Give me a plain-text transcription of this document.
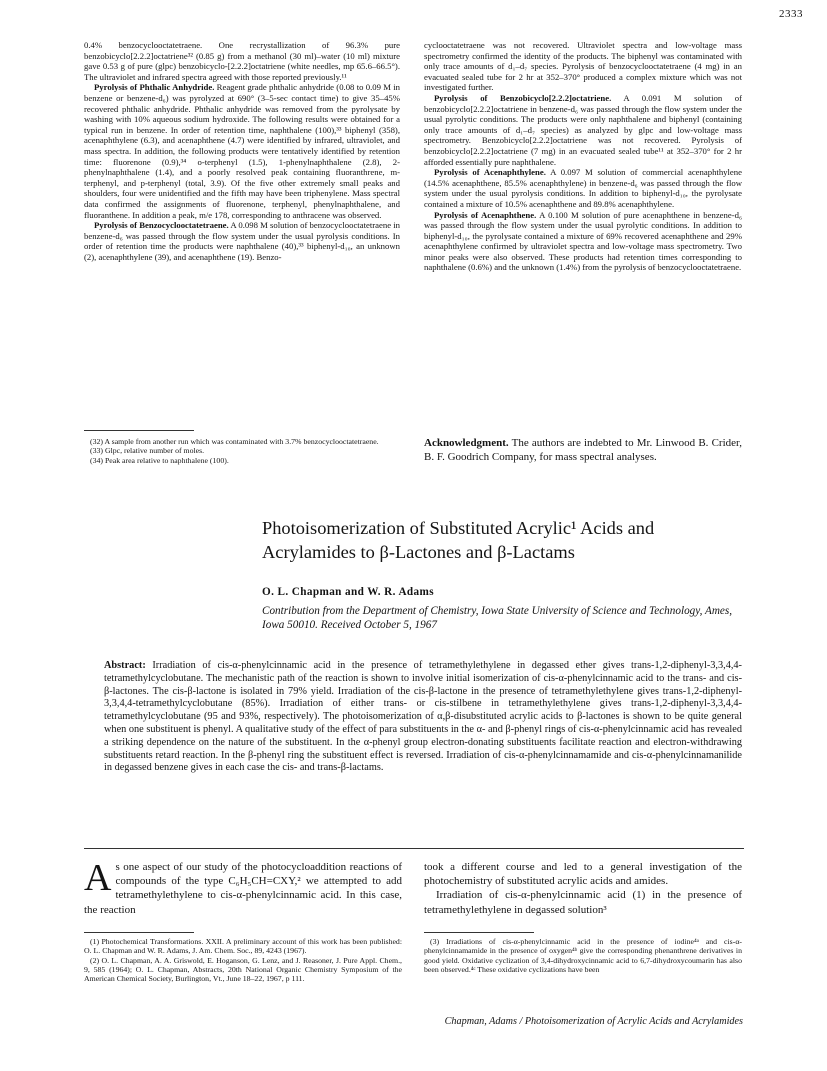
2333

0.4% benzocyclooctatetraene. One recrystallization of 96.3% pure benzobicyclo[2.2.2]octatriene³² (0.85 g) from a methanol (30 ml)–water (10 ml) mixture gave 0.53 g of pure (glpc) benzobicyclo-[2.2.2]octatriene (white needles, mp 65.6–66.5°). The ultraviolet and infrared spectra agreed with those reported previously.¹¹

Pyrolysis of Phthalic Anhydride. Reagent grade phthalic anhydride (0.08 to 0.09 M in benzene or benzene-d₆) was pyrolyzed at 690° (3–5-sec contact time) to give 35–45% recovered phthalic anhydride. Phthalic anhydride was removed from the pyrolysate by washing with 10% aqueous sodium hydroxide. The following results were obtained for a typical run in benzene. In order of retention time, naphthalene (100),³³ biphenyl (358), acenaphthylene (6.3), and acenaphthene (4.7) were identified by infrared, ultraviolet, and mass spectra. In addition, the following products were tentatively identified by retention time: fluorenone (0.9),³⁴ o-terphenyl (1.5), 1-phenylnaphthalene (2.8), 2-phenylnaphthalene (1.4), and a poorly resolved peak containing fluoranthrene, m-terphenyl, and p-terphenyl (total, 3.9). Of the five other extremely small peaks and shoulders, four were unidentified and the fifth may have been triphenylene. Mass spectral data confirmed the assignments of fluorenone, terphenyl, phenylnaphthalene, and fluoranthene. In addition a peak, m/e 178, corresponding to anthracene was observed.

Pyrolysis of Benzocyclooctatetraene. A 0.098 M solution of benzocyclooctatetraene in benzene-d₆ was passed through the flow system under the usual pyrolysis conditions. In order of retention time the products were naphthalene (40),³³ biphenyl-d₁₀, an unknown (2), acenaphthylene (39), and acenaphthene (19). Benzo-

cyclooctatetraene was not recovered. Ultraviolet spectra and low-voltage mass spectrometry confirmed the identity of the products. The biphenyl was contaminated with only trace amounts of d₁–d₇ species. Pyrolysis of benzocyclooctatetraene (4 mg) in an evacuated sealed tube for 2 hr at 352–370° produced a complex mixture which was not investigated further.

Pyrolysis of Benzobicyclo[2.2.2]octatriene. A 0.091 M solution of benzobicyclo[2.2.2]octatriene in benzene-d₆ was passed through the flow system under the usual pyrolytic conditions. The products were only naphthalene and biphenyl (containing only trace amounts of d₁–d₇ species) as analyzed by glpc and low-voltage mass spectrometry. Benzobicyclo[2.2.2]octatriene was not recovered. Pyrolysis of benzobicyclo[2.2.2]octatriene (7 mg) in an evacuated sealed tube¹¹ at 352–370° for 2 hr afforded essentially pure naphthalene.

Pyrolysis of Acenaphthylene. A 0.097 M solution of commercial acenaphthylene (14.5% acenaphthene, 85.5% acenaphthylene) in benzene-d₆ was passed through the flow system under the usual pyrolysis conditions. In addition to biphenyl-d₁₀, the pyrolysate contained a mixture of 10.5% acenaphthene and 89.8% acenaphthylene.

Pyrolysis of Acenaphthene. A 0.100 M solution of pure acenaphthene in benzene-d₆ was passed through the flow system under the usual pyrolytic conditions. In addition to biphenyl-d₁₀, the pyrolysate contained a mixture of 69% recovered acenaphthene and 29% acenaphthylene confirmed by ultraviolet spectra and low-voltage mass spectrometry. Two minor peaks were also observed. These products had retention times corresponding to naphthalene (0.6%) and the unknown (1.4%) from the pyrolysis of benzocyclooctatetraene.

(32) A sample from another run which was contaminated with 3.7% benzocyclooctatetraene.
(33) Glpc, relative number of moles.
(34) Peak area relative to naphthalene (100).
Acknowledgment. The authors are indebted to Mr. Linwood B. Crider, B. F. Goodrich Company, for mass spectral analyses.
Photoisomerization of Substituted Acrylic¹ Acids and
Acrylamides to β-Lactones and β-Lactams
O. L. Chapman and W. R. Adams
Contribution from the Department of Chemistry, Iowa State University of Science and Technology, Ames, Iowa 50010. Received October 5, 1967
Abstract: Irradiation of cis-α-phenylcinnamic acid in the presence of tetramethylethylene in degassed ether gives trans-1,2-diphenyl-3,3,4,4-tetramethylcyclobutane. The mechanistic path of the reaction is shown to involve initial isomerization of cis-α-phenylcinnamic acid to the trans- and cis-β-lactones. The cis-β-lactone is isolated in 79% yield. Irradiation of the cis-β-lactone in the presence of tetramethylethylene gives trans-1,2-diphenyl-3,3,4,4-tetramethylcyclobutane (85%). Irradiation of either trans- or cis-stilbene in tetramethylethylene gives trans-1,2-diphenyl-3,3,4,4-tetramethylcyclobutane (95 and 93%, respectively). The photoisomerization of α,β-disubstituted acrylic acids to β-lactones is shown to be quite general when one substituent is phenyl. A qualitative study of the effect of para substituents in the α- and β-phenyl rings of cis-α-phenylcinnamic acid has revealed a striking dependence on the nature of the substituent. In the α-phenyl group electron-donating substituents facilitate reaction and electron-withdrawing substituents retard reaction. In the β-phenyl ring the substituent effect is reversed. Irradiation of cis-α-phenylcinnamamide and cis-α-phenylcinnamanilide in degassed benzene gives in each case the cis- and trans-β-lactams.
As one aspect of our study of the photocycloaddition reactions of compounds of the type C₆H₅CH=CXY,² we attempted to add tetramethylethylene to cis-α-phenylcinnamic acid. In this case, the reaction

took a different course and led to a general investigation of the photochemistry of substituted acrylic acids and amides.

Irradiation of cis-α-phenylcinnamic acid (1) in the presence of tetramethylethylene in degassed solution³

(1) Photochemical Transformations. XXII. A preliminary account of this work has been published: O. L. Chapman and W. R. Adams, J. Am. Chem. Soc., 89, 4243 (1967).
(2) O. L. Chapman, A. A. Griswold, E. Hoganson, G. Lenz, and J. Reasoner, J. Pure Appl. Chem., 9, 585 (1964); O. L. Chapman, Abstracts, 20th National Organic Chemistry Symposium of the American Chemical Society, Burlington, Vt., June 18–22, 1967, p 111.
(3) Irradiations of cis-α-phenylcinnamic acid in the presence of iodine⁴ᵃ and cis-α-phenylcinnamamide in the presence of oxygen⁴ᵇ give the corresponding phenanthrene derivatives in good yield. Oxidative cyclization of 3,4-dihydroxycinnamic acid to 6,7-dihydroxycoumarin has also been observed.⁴ᶜ These oxidative cyclizations have been
Chapman, Adams / Photoisomerization of Acrylic Acids and Acrylamides
